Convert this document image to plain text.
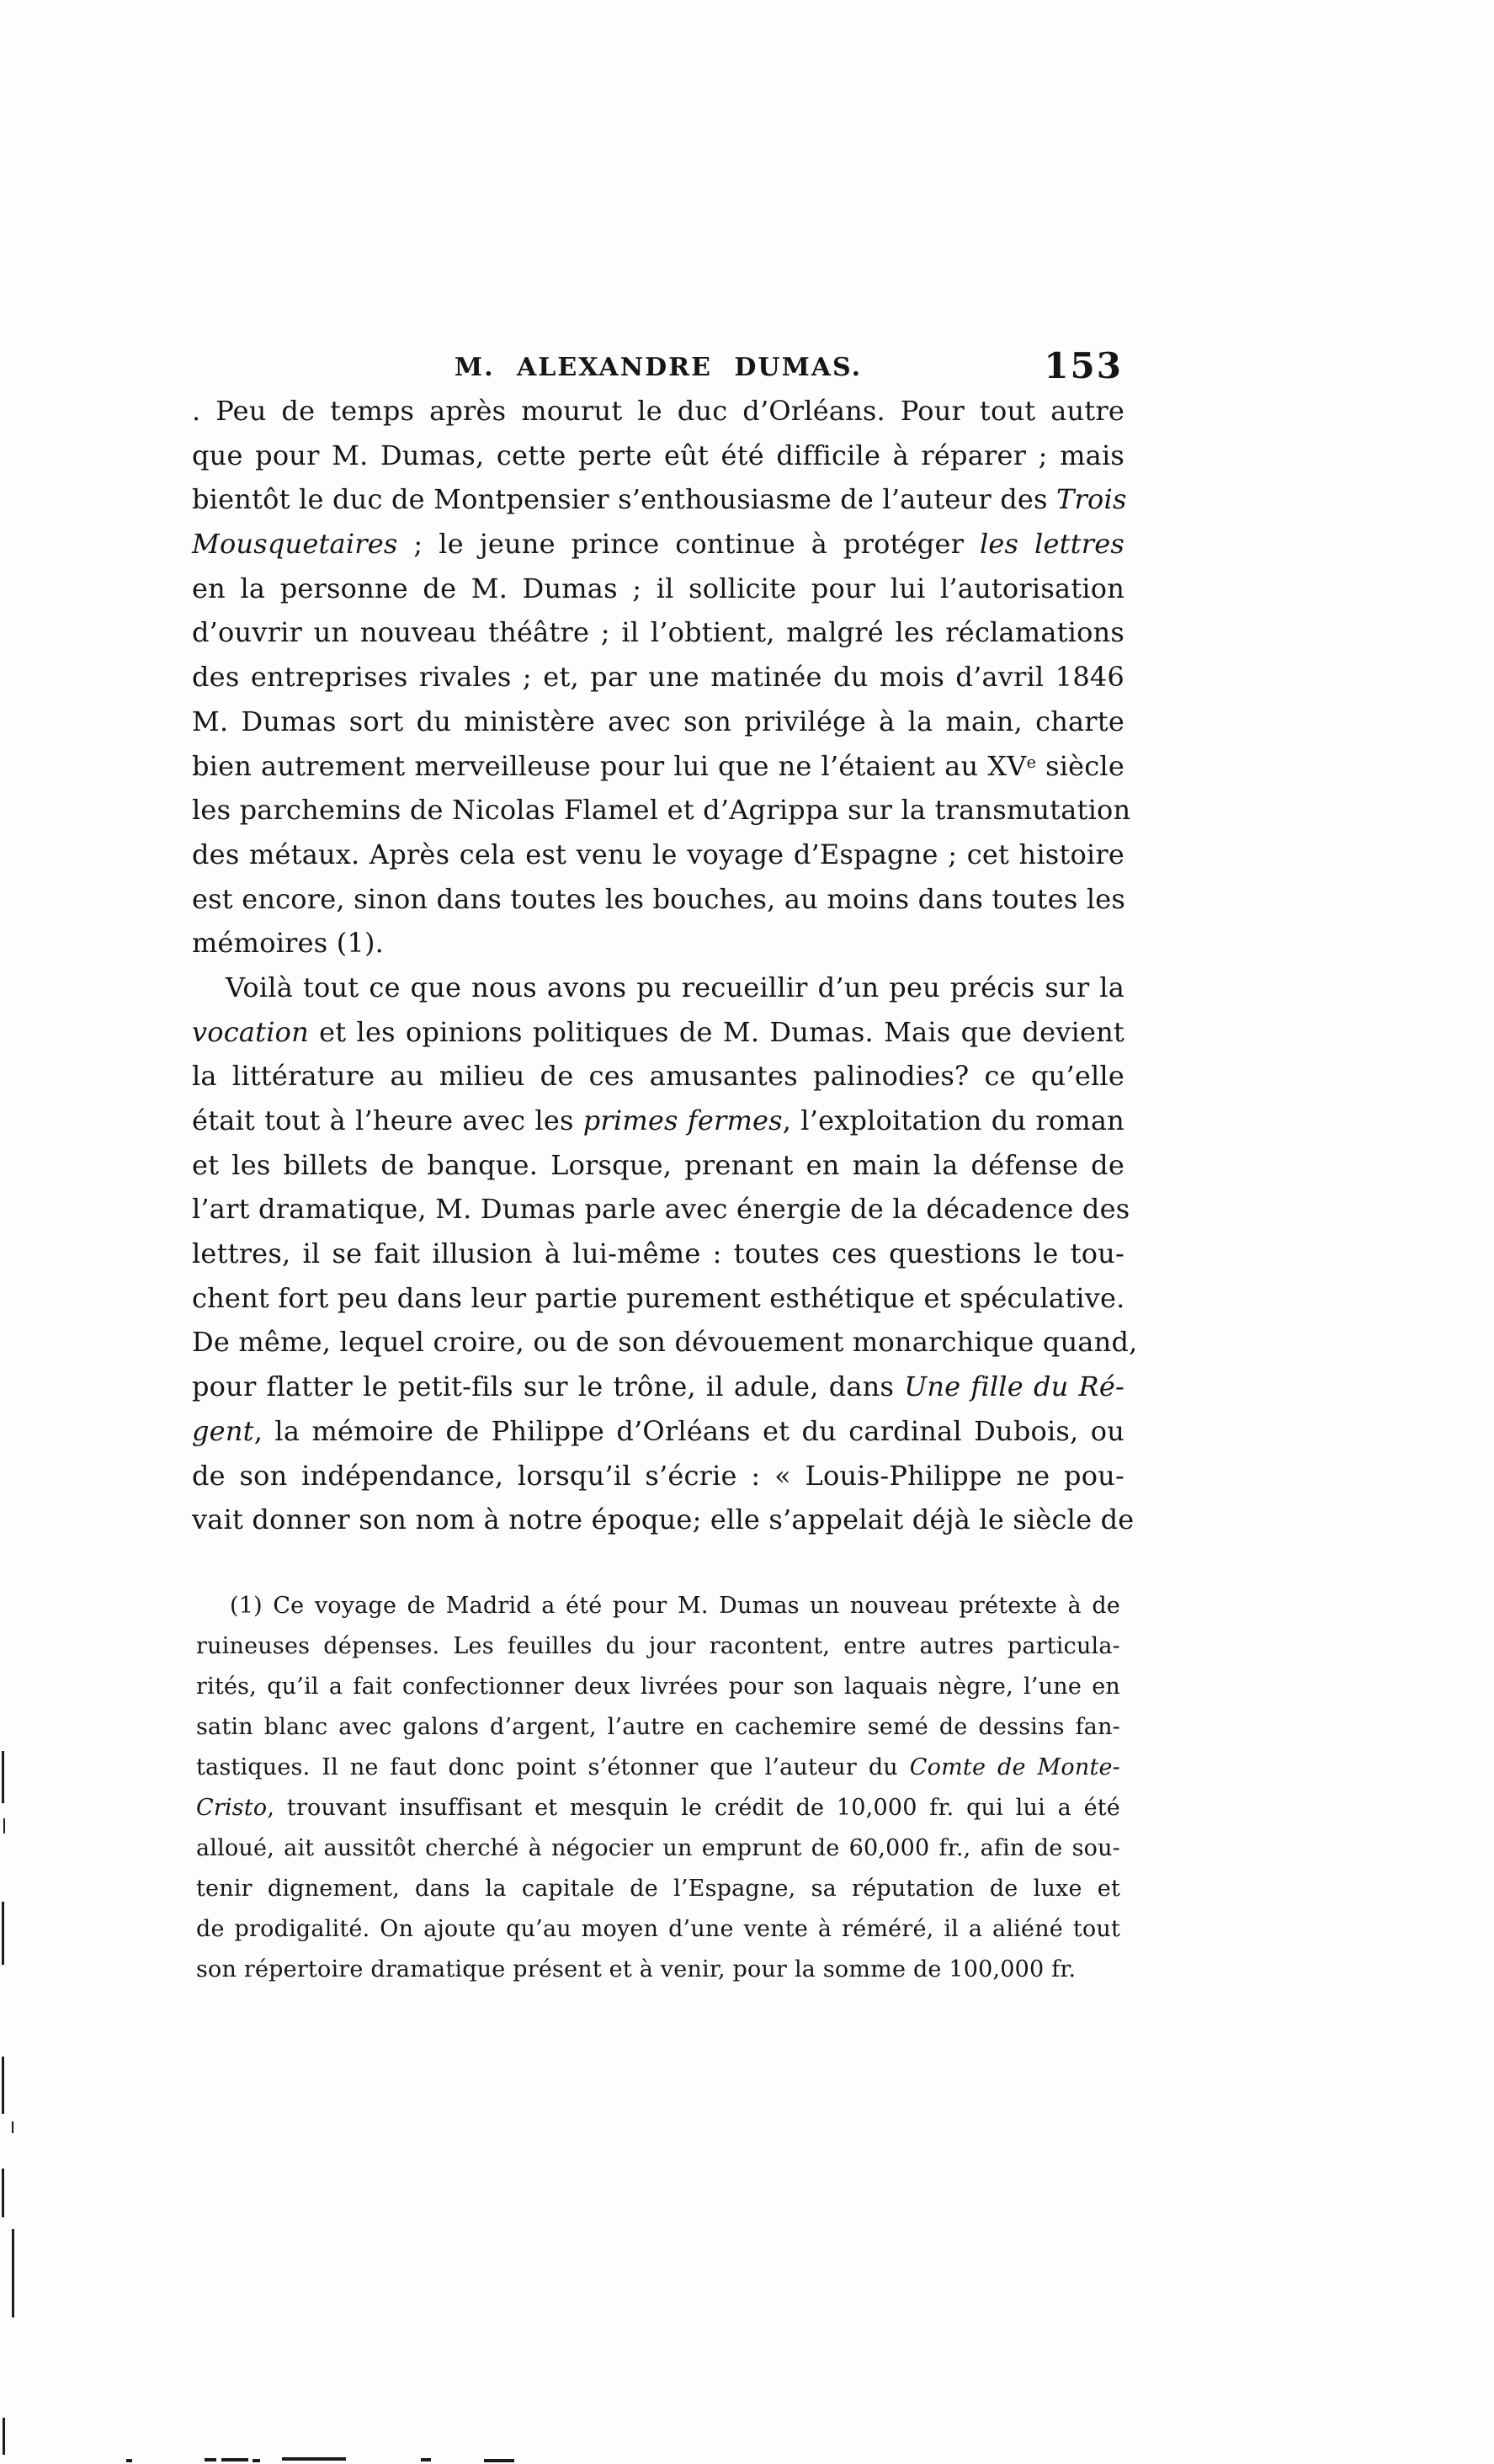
M. ALEXANDRE DUMAS.	153
. Peu de temps après mourut le duc d’Orléans. Pour tout autre
que pour M. Dumas, cette perte eût été difficile à réparer ; mais
bientôt le duc de Montpensier s’enthousiasme de l’auteur des Trois
Mousquetaires ; le jeune prince continue à protéger les lettres
en la personne de M. Dumas ; il sollicite pour lui l’autorisation
d’ouvrir un nouveau théâtre ; il l’obtient, malgré les réclamations
des entreprises rivales ; et, par une matinée du mois d’avril 1846
M. Dumas sort du ministère avec son privilége à la main, charte
bien autrement merveilleuse pour lui que ne l’étaient au XVe siècle
les parchemins de Nicolas Flamel et d’Agrippa sur la transmutation
des métaux. Après cela est venu le voyage d’Espagne ; cet histoire
est encore, sinon dans toutes les bouches, au moins dans toutes les
mémoires (1).
Voilà tout ce que nous avons pu recueillir d’un peu précis sur la
vocation et les opinions politiques de M. Dumas. Mais que devient
la littérature au milieu de ces amusantes palinodies? ce qu’elle
était tout à l’heure avec les primes fermes, l’exploitation du roman
et les billets de banque. Lorsque, prenant en main la défense de
l’art dramatique, M. Dumas parle avec énergie de la décadence des
lettres, il se fait illusion à lui-même : toutes ces questions le tou-
chent fort peu dans leur partie purement esthétique et spéculative.
De même, lequel croire, ou de son dévouement monarchique quand,
pour flatter le petit-fils sur le trône, il adule, dans Une fille du Ré-
gent, la mémoire de Philippe d’Orléans et du cardinal Dubois, ou
de son indépendance, lorsqu’il s’écrie : « Louis-Philippe ne pou-
vait donner son nom à notre époque; elle s’appelait déjà le siècle de
(1) Ce voyage de Madrid a été pour M. Dumas un nouveau prétexte à de
ruineuses dépenses. Les feuilles du jour racontent, entre autres particula-
rités, qu’il a fait confectionner deux livrées pour son laquais nègre, l’une en
satin blanc avec galons d’argent, l’autre en cachemire semé de dessins fan-
tastiques. Il ne faut donc point s’étonner que l’auteur du Comte de Monte-
Cristo, trouvant insuffisant et mesquin le crédit de 10,000 fr. qui lui a été
alloué, ait aussitôt cherché à négocier un emprunt de 60,000 fr., afin de sou-
tenir dignement, dans la capitale de l’Espagne, sa réputation de luxe et
de prodigalité. On ajoute qu’au moyen d’une vente à réméré, il a aliéné tout
son répertoire dramatique présent et à venir, pour la somme de 100,000 fr.
